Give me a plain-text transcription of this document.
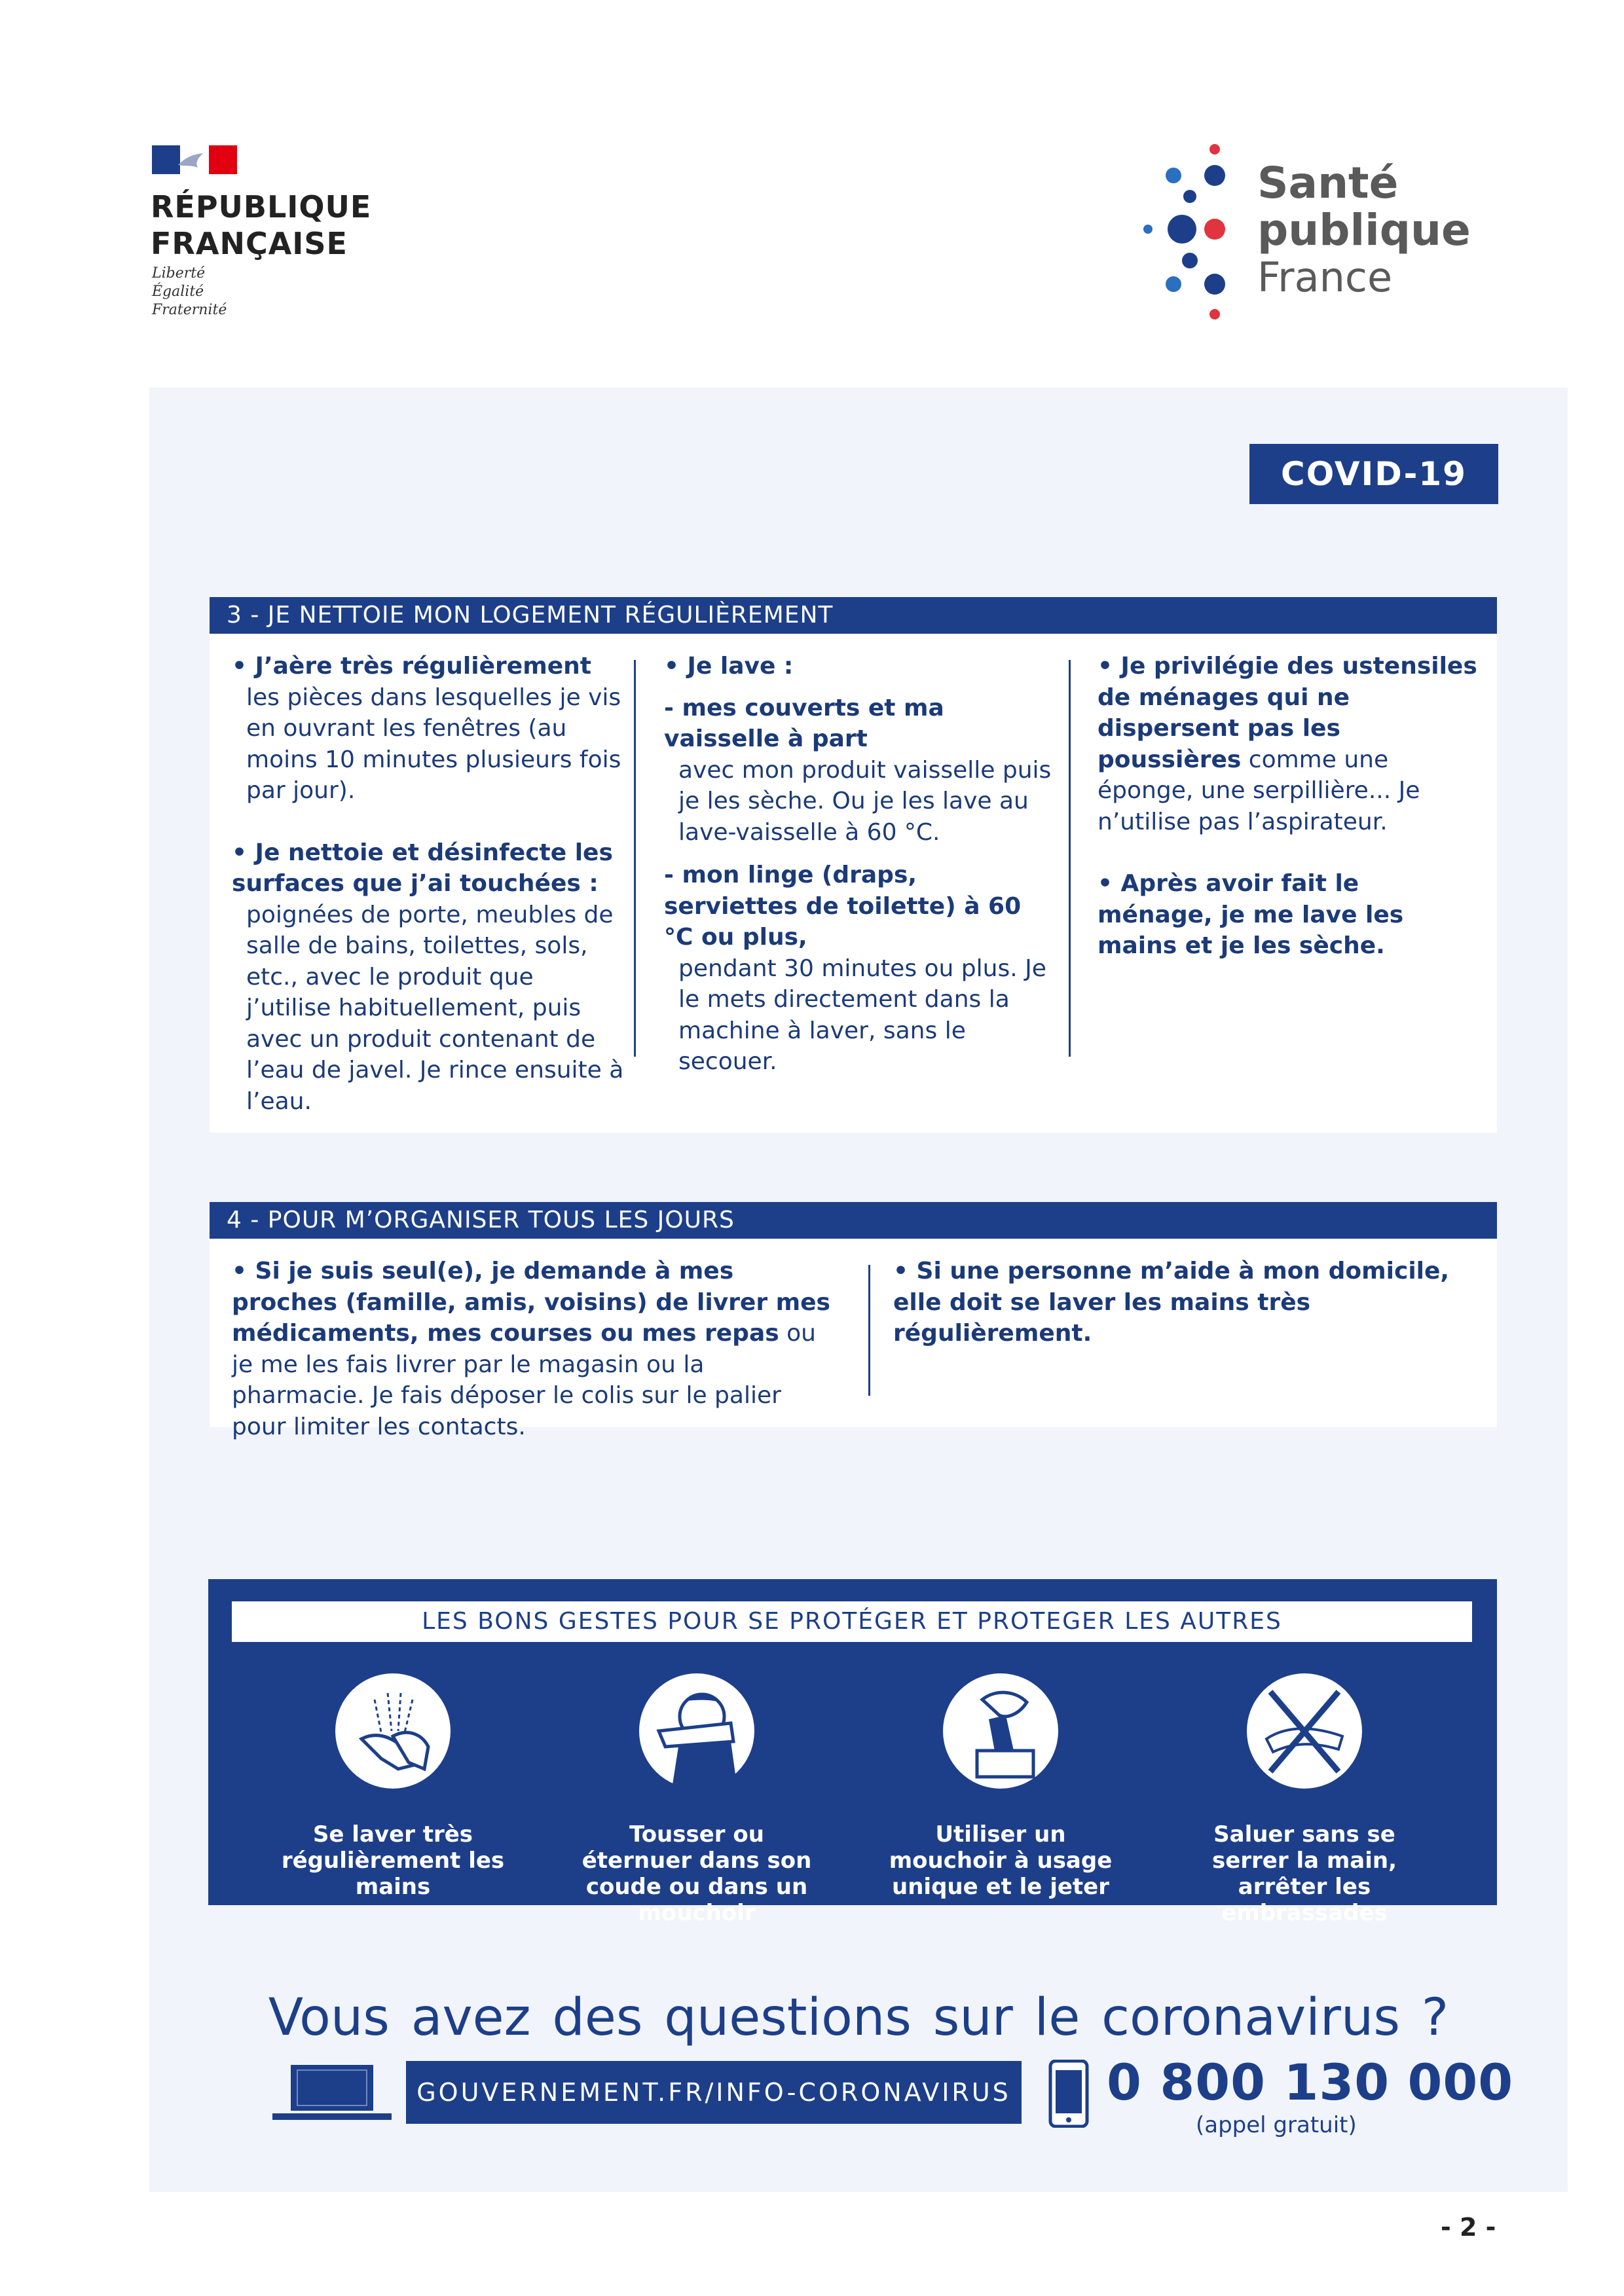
RÉPUBLIQUE
FRANÇAISE
Liberté
Égalité
Fraternité
Santé
publique
France
COVID-19
3 - JE NETTOIE MON LOGEMENT RÉGULIÈREMENT
• J’aère très régulièrement
les pièces dans lesquelles je vis en ouvrant les fenêtres (au moins 10 minutes plusieurs fois par jour).
• Je nettoie et désinfecte les surfaces que j’ai touchées :
poignées de porte, meubles de salle de bains, toilettes, sols, etc., avec le produit que j’utilise habituellement, puis avec un produit contenant de l’eau de javel. Je rince ensuite à l’eau.
• Je lave :
- mes couverts et ma vaisselle à part
avec mon produit vaisselle puis je les sèche. Ou je les lave au lave-vaisselle à 60 °C.
- mon linge (draps, serviettes de toilette) à 60 °C ou plus,
pendant 30 minutes ou plus. Je le mets directement dans la machine à laver, sans le secouer.
• Je privilégie des ustensiles de ménages qui ne dispersent pas les poussières comme une éponge, une serpillière... Je n’utilise pas l’aspirateur.
• Après avoir fait le ménage, je me lave les mains et je les sèche.
4 - POUR M’ORGANISER TOUS LES JOURS
• Si je suis seul(e), je demande à mes proches (famille, amis, voisins) de livrer mes médicaments, mes courses ou mes repas ou je me les fais livrer par le magasin ou la pharmacie. Je fais déposer le colis sur le palier pour limiter les contacts.
• Si une personne m’aide à mon domicile, elle doit se laver les mains très régulièrement.
LES BONS GESTES POUR SE PROTÉGER ET PROTEGER LES AUTRES
Se laver très régulièrement les mains
Tousser ou éternuer dans son coude ou dans un mouchoir
Utiliser un mouchoir à usage unique et le jeter
Saluer sans se serrer la main, arrêter les embrassades
Vous avez des questions sur le coronavirus ?
GOUVERNEMENT.FR/INFO-CORONAVIRUS 0 800 130 000
(appel gratuit)
- 2 -
